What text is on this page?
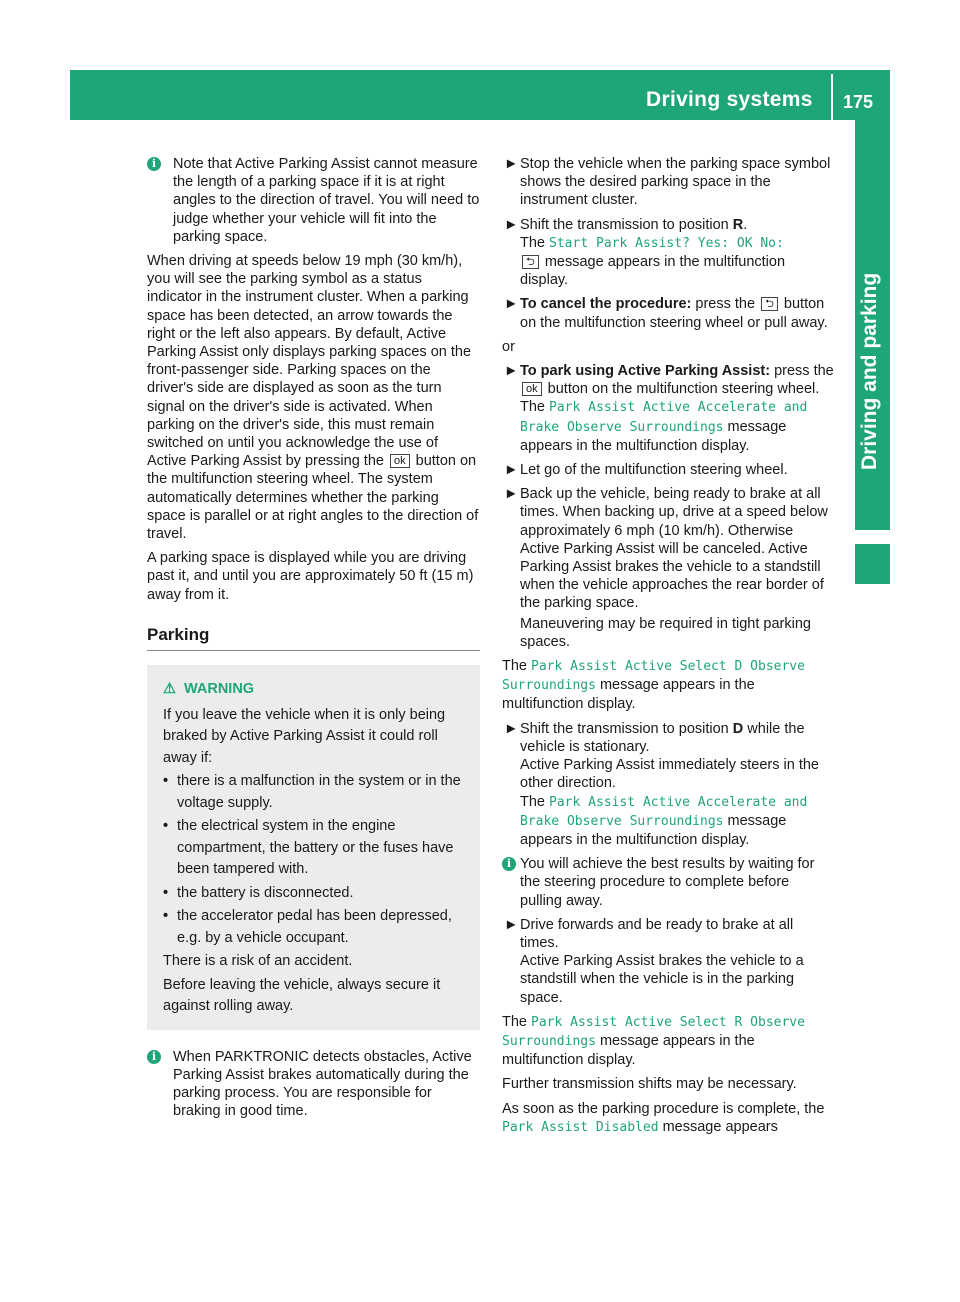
Driving systems 175
Driving and parking

i	Note that Active Parking Assist cannot measure the length of a parking space if it is at right angles to the direction of travel. You will need to judge whether your vehicle will fit into the parking space.

When driving at speeds below 19 mph (30 km/h), you will see the parking symbol as a status indicator in the instrument cluster. When a parking space has been detected, an arrow towards the right or the left also appears. By default, Active Parking Assist only displays parking spaces on the front-passenger side. Parking spaces on the driver's side are displayed as soon as the turn signal on the driver's side is activated. When parking on the driver's side, this must remain switched on until you acknowledge the use of Active Parking Assist by pressing the ok button on the multifunction steering wheel. The system automatically determines whether the parking space is parallel or at right angles to the direction of travel.

A parking space is displayed while you are driving past it, and until you are approximately 50 ft (15 m) away from it.

Parking
⚠ WARNING

If you leave the vehicle when it is only being braked by Active Parking Assist it could roll away if:

• there is a malfunction in the system or in the voltage supply.

• the electrical system in the engine compartment, the battery or the fuses have been tampered with.

• the battery is disconnected.

• the accelerator pedal has been depressed, e.g. by a vehicle occupant.

There is a risk of an accident.

Before leaving the vehicle, always secure it against rolling away.

i	When PARKTRONIC detects obstacles, Active Parking Assist brakes automatically during the parking process. You are responsible for braking in good time.

► Stop the vehicle when the parking space symbol shows the desired parking space in the instrument cluster.

► Shift the transmission to position R.
The Start Park Assist? Yes: OK No:
⮌ message appears in the multifunction display.

► To cancel the procedure: press the ⮌ button on the multifunction steering wheel or pull away.

or

► To park using Active Parking Assist: press the ok button on the multifunction steering wheel.
The Park Assist Active Accelerate and Brake Observe Surroundings message appears in the multifunction display.

► Let go of the multifunction steering wheel.

► Back up the vehicle, being ready to brake at all times. When backing up, drive at a speed below approximately 6 mph (10 km/h). Otherwise Active Parking Assist will be canceled. Active Parking Assist brakes the vehicle to a standstill when the vehicle approaches the rear border of the parking space.

Maneuvering may be required in tight parking spaces.

The Park Assist Active Select D Observe Surroundings message appears in the multifunction display.

► Shift the transmission to position D while the vehicle is stationary.
Active Parking Assist immediately steers in the other direction.
The Park Assist Active Accelerate and Brake Observe Surroundings message appears in the multifunction display.

i You will achieve the best results by waiting for the steering procedure to complete before pulling away.

► Drive forwards and be ready to brake at all times.
Active Parking Assist brakes the vehicle to a standstill when the vehicle is in the parking space.

The Park Assist Active Select R Observe Surroundings message appears in the multifunction display.

Further transmission shifts may be necessary.

As soon as the parking procedure is complete, the Park Assist Disabled message appears
